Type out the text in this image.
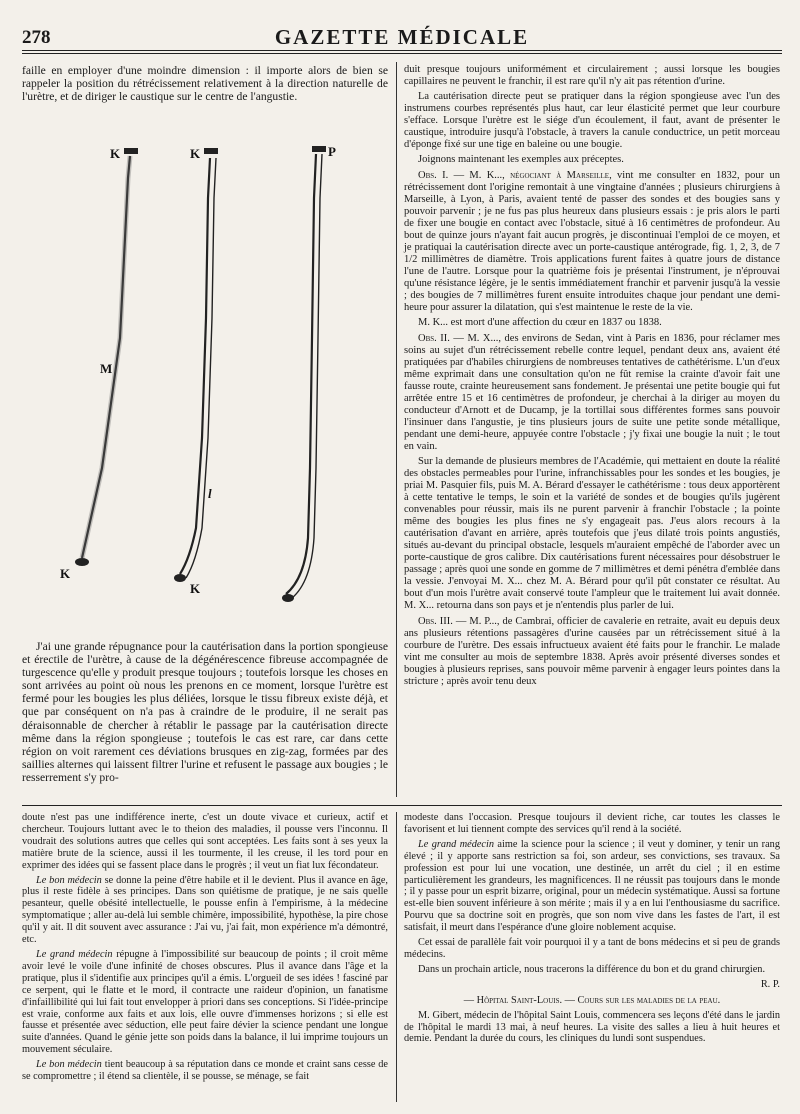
278	GAZETTE MÉDICALE

faille en employer d'une moindre dimension : il importe alors de bien se rappeler la position du rétrécissement relativement à la direction naturelle de l'urètre, et de diriger le caustique sur le centre de l'angustie.

K	K	P
M
l
K
K

J'ai une grande répugnance pour la cautérisation dans la portion spongieuse et érectile de l'urètre, à cause de la dégénérescence fibreuse accompagnée de turgescence qu'elle y produit presque toujours ; toutefois lorsque les choses en sont arrivées au point où nous les prenons en ce moment, lorsque l'urètre est fermé pour les bougies les plus déliées, lorsque le tissu fibreux existe déjà, et que par conséquent on n'a pas à craindre de le produire, il ne serait pas déraisonnable de chercher à rétablir le passage par la cautérisation directe même dans la région spongieuse ; toutefois le cas est rare, car dans cette région on voit rarement ces déviations brusques en zig-zag, formées par des saillies alternes qui laissent filtrer l'urine et refusent le passage aux bougies ; le resserrement s'y pro-

duit presque toujours uniformément et circulairement ; aussi lorsque les bougies capillaires ne peuvent le franchir, il est rare qu'il n'y ait pas rétention d'urine.

La cautérisation directe peut se pratiquer dans la région spongieuse avec l'un des instrumens courbes représentés plus haut, car leur élasticité permet que leur courbure s'efface. Lorsque l'urètre est le siége d'un écoulement, il faut, avant de présenter le caustique, introduire jusqu'à l'obstacle, à travers la canule conductrice, un petit morceau d'éponge fixé sur une tige en baleine ou une bougie.

Joignons maintenant les exemples aux préceptes.

Obs. I. — M. K..., négociant à Marseille, vint me consulter en 1832, pour un rétrécissement dont l'origine remontait à une vingtaine d'années ; plusieurs chirurgiens à Marseille, à Lyon, à Paris, avaient tenté de passer des sondes et des bougies sans y pouvoir parvenir ; je ne fus pas plus heureux dans plusieurs essais : je pris alors le parti de fixer une bougie en contact avec l'obstacle, situé à 16 centimètres de profondeur. Au bout de quinze jours n'ayant fait aucun progrès, je discontinuai l'emploi de ce moyen, et je pratiquai la cautérisation directe avec un porte-caustique antérograde, fig. 1, 2, 3, de 7 1/2 millimètres de diamètre. Trois applications furent faites à quatre jours de distance l'une de l'autre. Lorsque pour la quatrième fois je présentai l'instrument, je n'éprouvai qu'une résistance légère, je le sentis immédiatement franchir et parvenir jusqu'à la vessie ; des bougies de 7 millimètres furent ensuite introduites chaque jour pendant une demi-heure pour assurer la dilatation, qui s'est maintenue le reste de la vie.

M. K... est mort d'une affection du cœur en 1837 ou 1838.

Obs. II. — M. X..., des environs de Sedan, vint à Paris en 1836, pour réclamer mes soins au sujet d'un rétrécissement rebelle contre lequel, pendant deux ans, avaient été pratiquées par d'habiles chirurgiens de nombreuses tentatives de cathétérisme. L'un d'eux même exprimait dans une consultation qu'on ne fût remise la crainte d'avoir fait une fausse route, crainte heureusement sans fondement. Je présentai une petite bougie qui fut arrêtée entre 15 et 16 centimètres de profondeur, je cherchai à la diriger au moyen du conducteur d'Arnott et de Ducamp, je la tortillai sous différentes formes sans pouvoir l'insinuer dans l'angustie, je tins plusieurs jours de suite une petite sonde métallique, pendant une demi-heure, appuyée contre l'obstacle ; j'y fixai une bougie la nuit ; le tout en vain.

Sur la demande de plusieurs membres de l'Académie, qui mettaient en doute la réalité des obstacles permeables pour l'urine, infranchissables pour les sondes et les bougies, je priai M. Pasquier fils, puis M. A. Bérard d'essayer le cathétérisme : tous deux apportèrent à cette tentative le temps, le soin et la variété de sondes et de bougies qu'ils jugèrent convenables pour réussir, mais ils ne purent parvenir à franchir l'obstacle ; la pointe même des bougies les plus fines ne s'y engageait pas. J'eus alors recours à la cautérisation d'avant en arrière, après toutefois que j'eus dilaté trois points angustiés, situés au-devant du principal obstacle, lesquels m'auraient empêché de l'aborder avec un porte-caustique de gros calibre. Dix cautérisations furent nécessaires pour désobstruer le passage ; après quoi une sonde en gomme de 7 millimètres et demi pénétra d'emblée dans la vessie. J'envoyai M. X... chez M. A. Bérard pour qu'il pût constater ce résultat. Au bout d'un mois l'urètre avait conservé toute l'ampleur que le traitement lui avait donnée. M. X... retourna dans son pays et je n'entendis plus parler de lui.

Obs. III. — M. P..., de Cambrai, officier de cavalerie en retraite, avait eu depuis deux ans plusieurs rétentions passagères d'urine causées par un rétrécissement situé à la courbure de l'urètre. Des essais infructueux avaient été faits pour le franchir. Le malade vint me consulter au mois de septembre 1838. Après avoir présenté diverses sondes et bougies à plusieurs reprises, sans pouvoir même parvenir à engager leurs pointes dans la stricture ; après avoir tenu deux

doute n'est pas une indifférence inerte, c'est un doute vivace et curieux, actif et chercheur. Toujours luttant avec le to theion des maladies, il pousse vers l'inconnu. Il voudrait des solutions autres que celles qui sont acceptées. Les faits sont à ses yeux la matière brute de la science, aussi il les tourmente, il les creuse, il les tord pour en exprimer des idées qui se fassent place dans le progrès ; il veut un fiat lux fécondateur.

Le bon médecin se donne la peine d'être habile et il le devient. Plus il avance en âge, plus il reste fidèle à ses principes. Dans son quiétisme de pratique, je ne sais quelle pesanteur, quelle obésité intellectuelle, le pousse enfin à l'empirisme, à la médecine symptomatique ; aller au-delà lui semble chimère, impossibilité, hypothèse, la pire chose qu'il y ait. Il dit souvent avec assurance : J'ai vu, j'ai fait, mon expérience m'a démontré, etc.

Le grand médecin répugne à l'impossibilité sur beaucoup de points ; il croit même avoir levé le voile d'une infinité de choses obscures. Plus il avance dans l'âge et la pratique, plus il s'identifie aux principes qu'il a émis. L'orgueil de ses idées ! fasciné par ce serpent, qui le flatte et le mord, il contracte une raideur d'opinion, un fanatisme d'infaillibilité qui lui fait tout envelopper à priori dans ses conceptions. Si l'idée-principe est vraie, conforme aux faits et aux lois, elle ouvre d'immenses horizons ; si elle est fausse et présentée avec séduction, elle peut faire dévier la science pendant une longue suite d'années. Quand le génie jette son poids dans la balance, il lui imprime toujours un mouvement séculaire.

Le bon médecin tient beaucoup à sa réputation dans ce monde et craint sans cesse de se compromettre ; il étend sa clientèle, il se pousse, se ménage, se fait

modeste dans l'occasion. Presque toujours il devient riche, car toutes les classes le favorisent et lui tiennent compte des services qu'il rend à la société.

Le grand médecin aime la science pour la science ; il veut y dominer, y tenir un rang élevé ; il y apporte sans restriction sa foi, son ardeur, ses convictions, ses travaux. Sa profession est pour lui une vocation, une destinée, un arrêt du ciel ; il en estime particulièrement les grandeurs, les magnificences. Il ne réussit pas toujours dans le monde ; il y passe pour un esprit bizarre, original, pour un médecin systématique. Aussi sa fortune est-elle bien souvent inférieure à son mérite ; mais il y a en lui l'enthousiasme du sacrifice. Pourvu que sa doctrine soit en progrès, que son nom vive dans les fastes de l'art, il est satisfait, il meurt dans l'espérance d'une gloire noblement acquise.

Cet essai de parallèle fait voir pourquoi il y a tant de bons médecins et si peu de grands médecins.

Dans un prochain article, nous tracerons la différence du bon et du grand chirurgien.

R. P.

— Hôpital Saint-Louis. — Cours sur les maladies de la peau.

M. Gibert, médecin de l'hôpital Saint Louis, commencera ses leçons d'été dans le jardin de l'hôpital le mardi 13 mai, à neuf heures. La visite des salles a lieu à huit heures et demie. Pendant la durée du cours, les cliniques du lundi sont suspendues.
